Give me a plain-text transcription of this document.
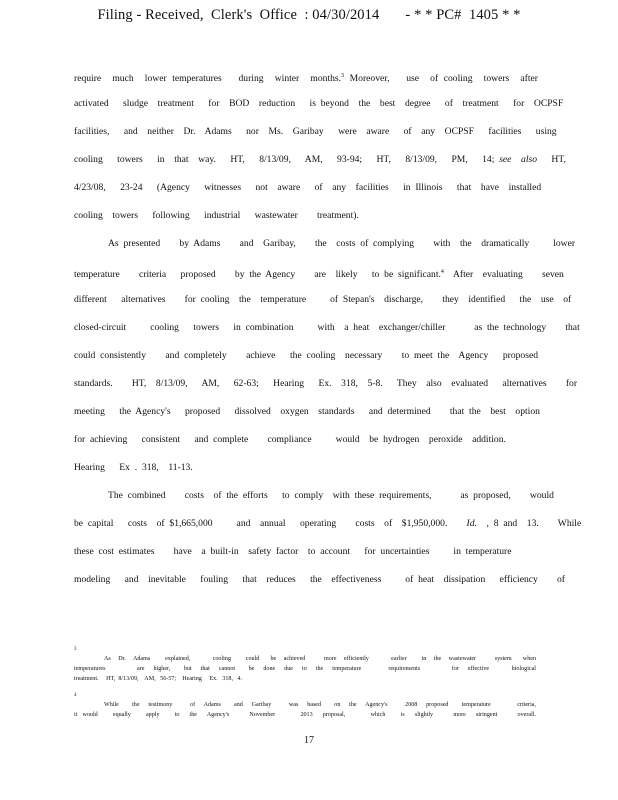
Filing - Received,  Clerk's  Office  : 04/30/2014       - * * PC#  1405 * *
require  much  lower temperatures   during  winter  months.$^3$ Moreover,   use  of cooling  towers  after
activated   sludge  treatment   for  BOD  reduction   is beyond  the  best  degree   of  treatment   for  OCPSF
facilities,   and  neither  Dr.  Adams   nor  Ms.  Garibay   were  aware   of  any  OCPSF   facilities   using
cooling   towers   in  that  way.   HT,   8/13/09,   AM,   93-94;   HT,   8/13/09,   PM,   14; see  also   HT,
4/23/08,   23-24   (Agency   witnesses   not  aware   of  any  facilities   in Illinois   that  have  installed
cooling  towers   following   industrial   wastewater    treatment).
As presented    by Adams    and  Garibay,    the  costs of complying    with  the  dramatically     lower
temperature    criteria   proposed    by the Agency    are  likely   to be significant.$^4$  After  evaluating    seven
different   alternatives    for cooling  the  temperature     of Stepan's  discharge,    they  identified   the  use  of
closed-circuit     cooling   towers   in combination     with  a heat  exchanger/chiller      as the technology    that
could consistently    and completely    achieve   the cooling  necessary    to meet the  Agency   proposed
standards.    HT,  8/13/09,   AM,   62-63;   Hearing   Ex.  318,  5-8.   They  also  evaluated   alternatives    for
meeting   the Agency's   proposed   dissolved  oxygen  standards   and determined    that the  best  option
for achieving   consistent   and complete    compliance     would  be hydrogen  peroxide  addition.
Hearing   Ex . 318,  11-13.
The combined    costs  of the efforts   to comply  with these requirements,      as proposed,    would
be capital   costs  of $1,665,000     and  annual   operating    costs  of  $1,950,000.    Id.  , 8 and  13.    While
these cost estimates    have  a built-in  safety factor  to account   for uncertainties     in temperature
modeling   and  inevitable   fouling   that  reduces   the  effectiveness     of heat  dissipation   efficiency    of
3
As  Dr.  Adams    explained,      cooling    could   be  achieved     more  efficiently      earlier    in  the  wastewater     system   when
temperatures       are  higher,   but  that  cannot   be  done  due  to  the  temperature      requirements       for  effective     biological
treatment.     HT,  8/13/09,    AM,   56-57;    Hearing     Ex.   318,   4.
4
While   the  testimony    of  Adams   and  Garibay    was  based   on  the  Agency's    2008  proposed   temperature      criteria,
it would   equally   apply   to  the  Agency's    November     2013  proposal,     which   is  slightly    more  stringent    overall.
17
